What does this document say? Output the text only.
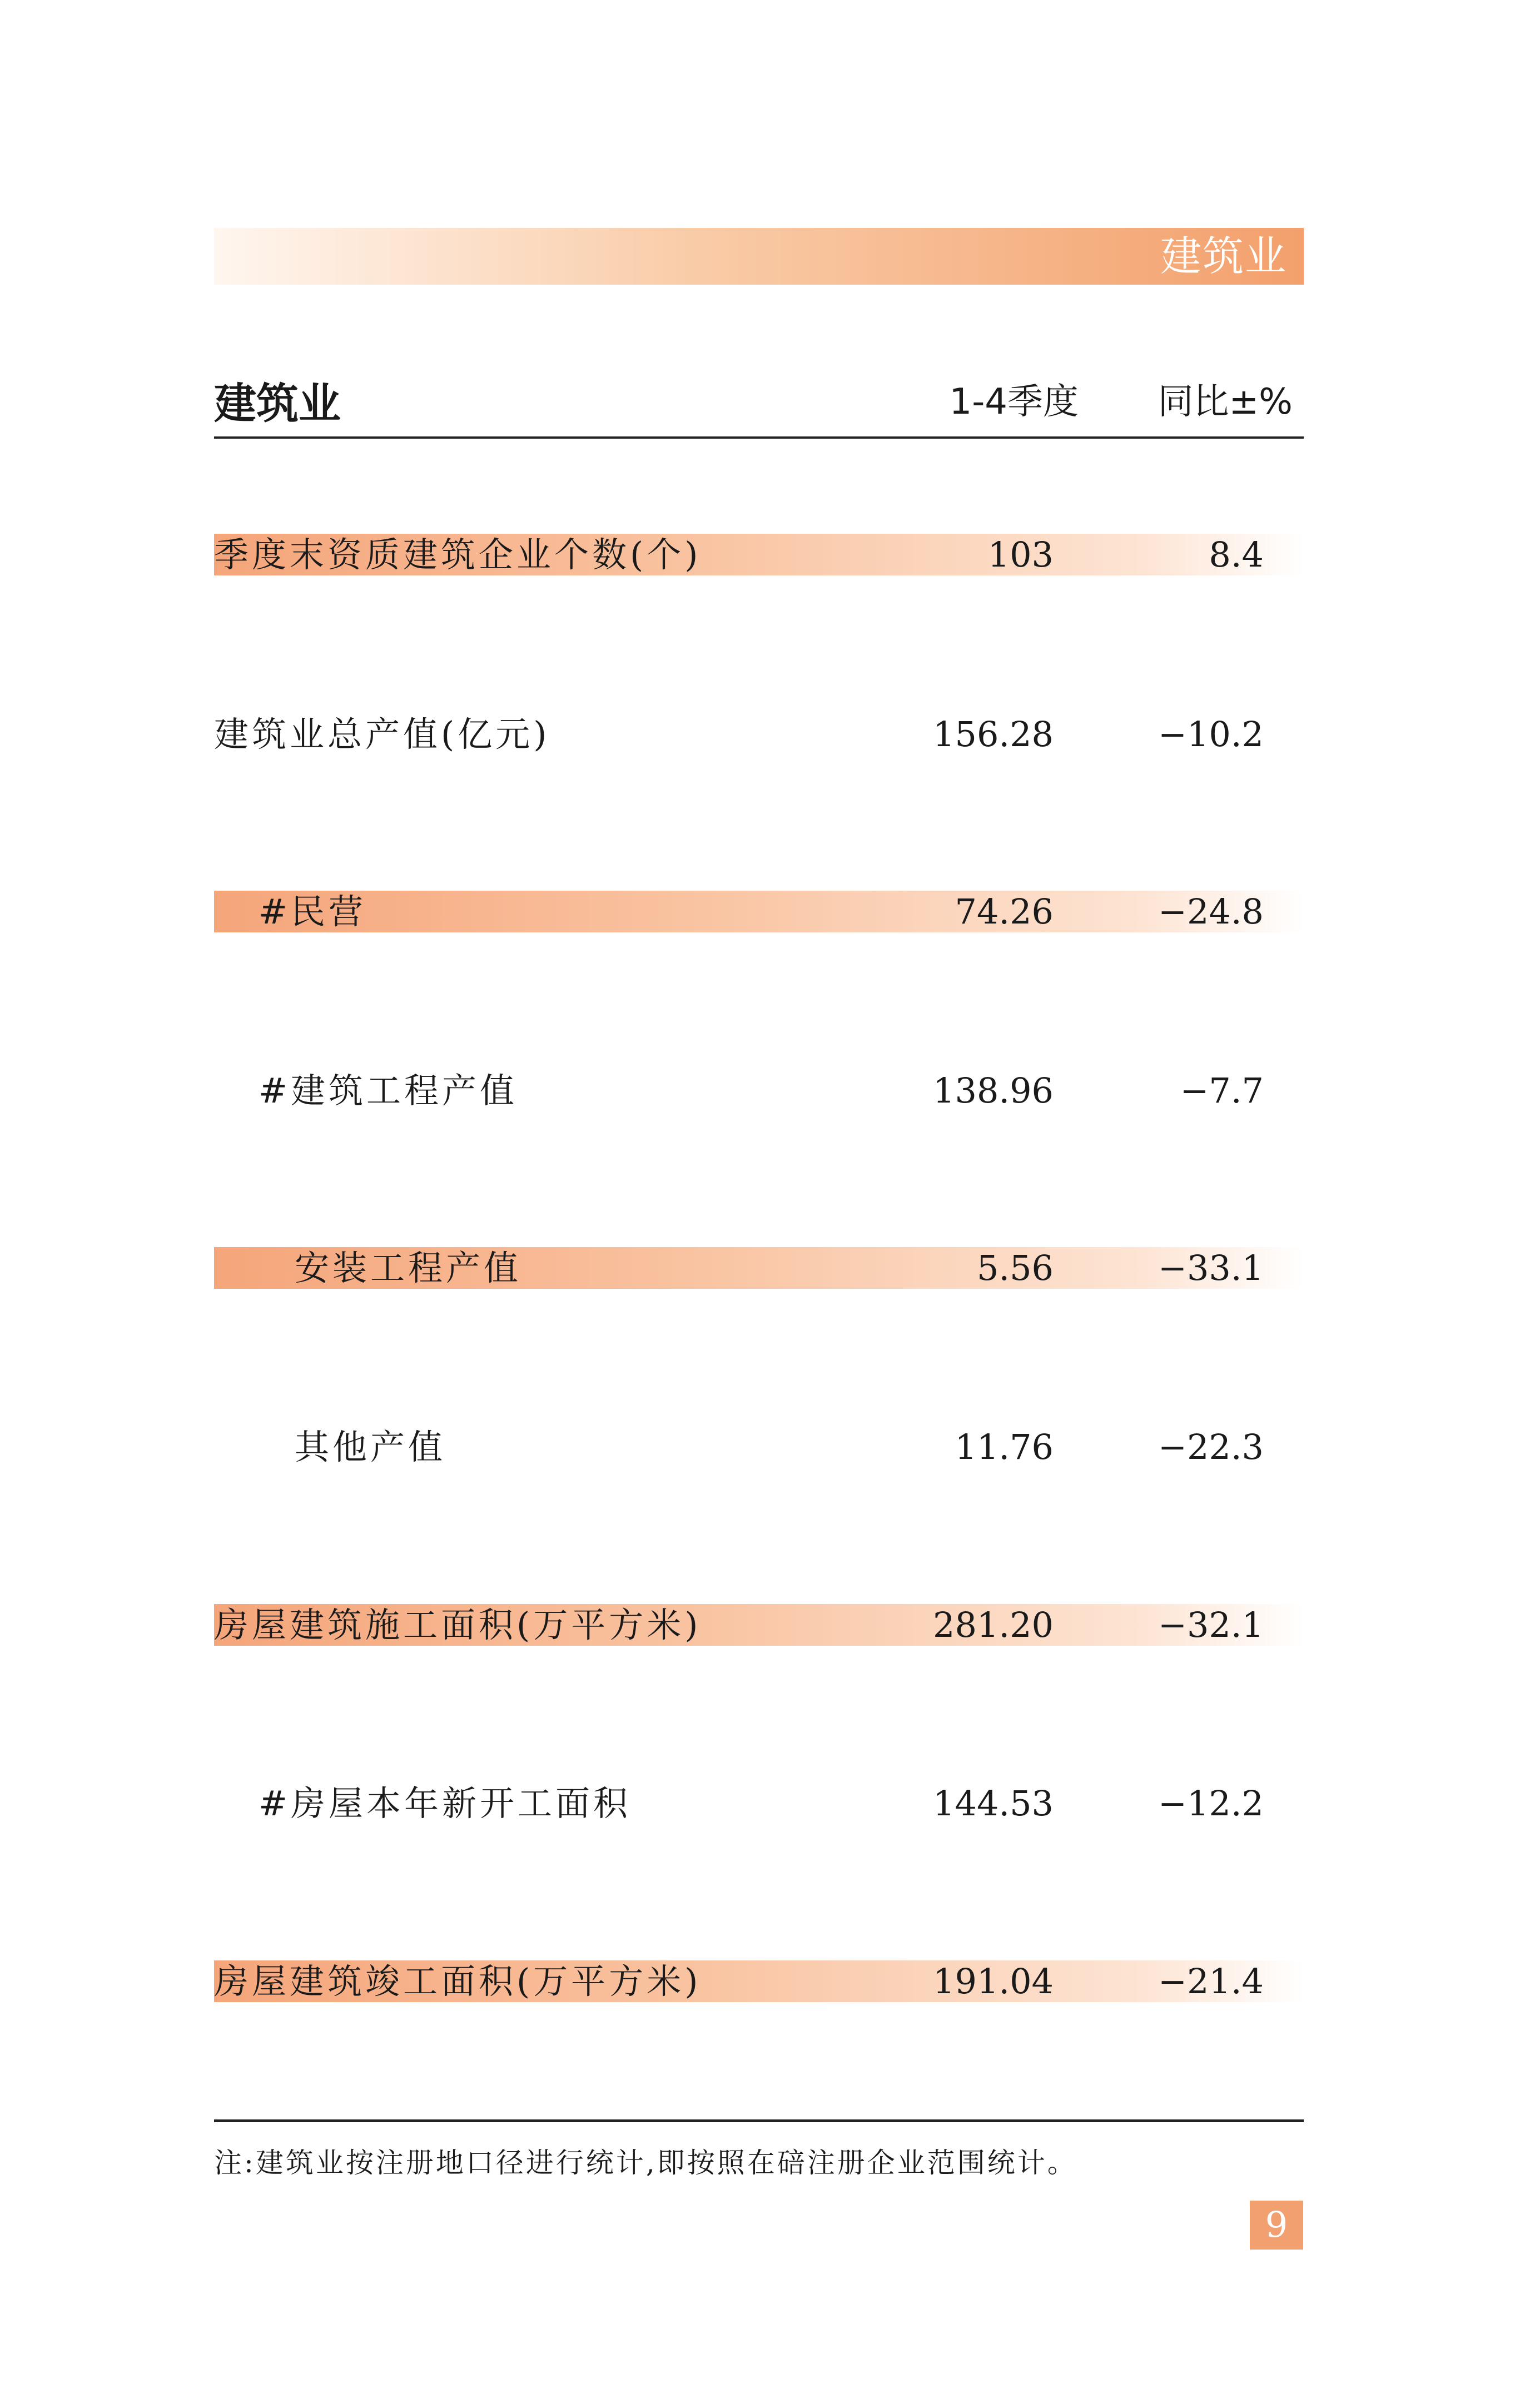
建筑业
建筑业	1-4季度 同比±%
季度末资质建筑企业个数(个)	103	8.4
建筑业总产值(亿元)	156.28	−10.2
#民营	74.26	−24.8
#建筑工程产值	138.96	−7.7
安装工程产值	5.56	−33.1
其他产值	11.76	−22.3
房屋建筑施工面积(万平方米)	281.20	−32.1
#房屋本年新开工面积	144.53	−12.2
房屋建筑竣工面积(万平方米)	191.04	−21.4
注:建筑业按注册地口径进行统计,即按照在碚注册企业范围统计。
9
